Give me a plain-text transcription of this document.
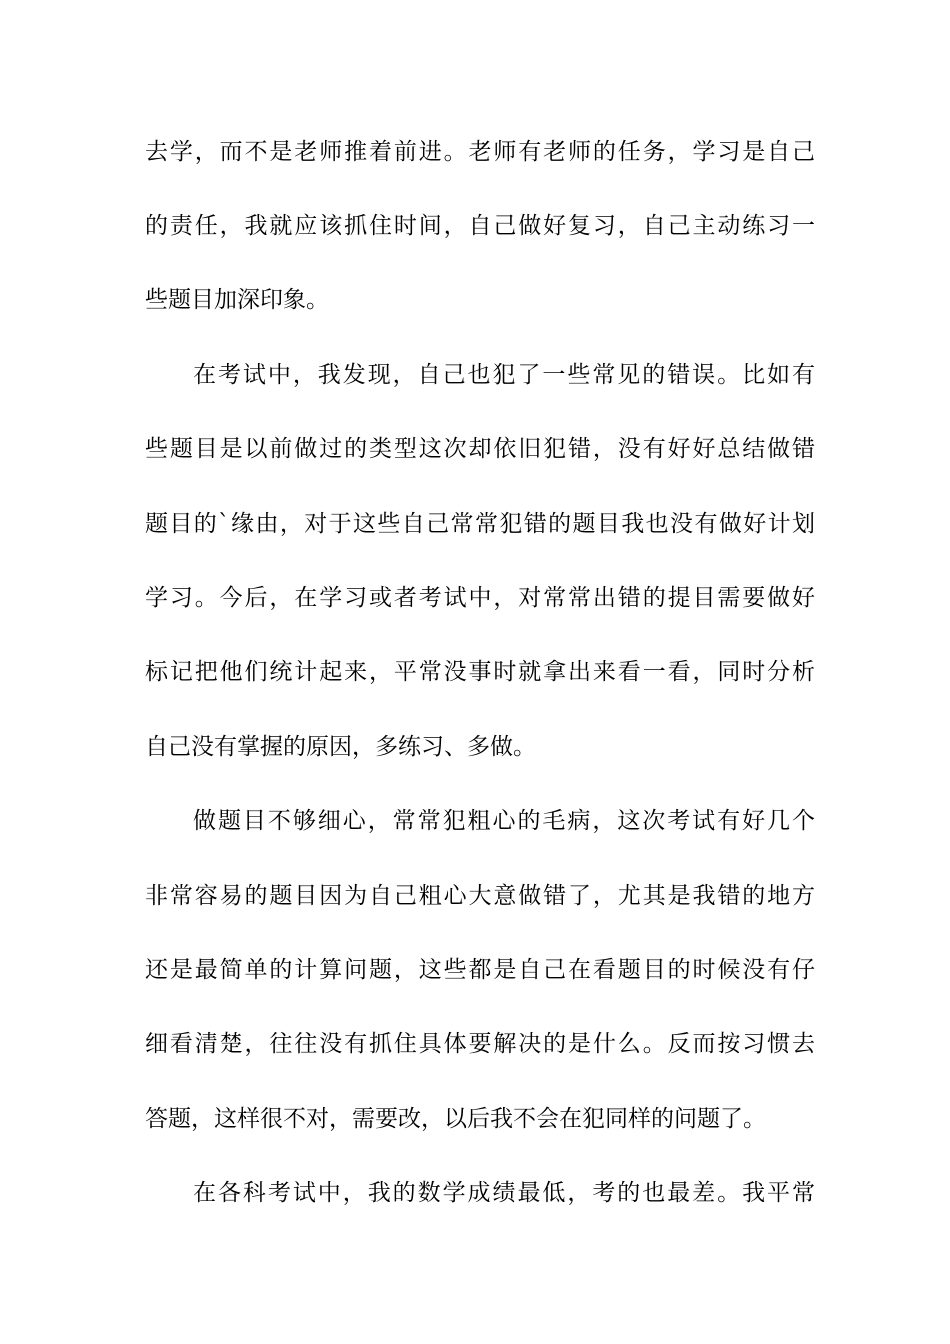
去学，而不是老师推着前进。老师有老师的任务，学习是自己
的责任，我就应该抓住时间，自己做好复习，自己主动练习一
些题目加深印象。
在考试中，我发现，自己也犯了一些常见的错误。比如有
些题目是以前做过的类型这次却依旧犯错，没有好好总结做错
题目的`缘由，对于这些自己常常犯错的题目我也没有做好计划
学习。今后，在学习或者考试中，对常常出错的提目需要做好
标记把他们统计起来，平常没事时就拿出来看一看，同时分析
自己没有掌握的原因，多练习、多做。
做题目不够细心，常常犯粗心的毛病，这次考试有好几个
非常容易的题目因为自己粗心大意做错了，尤其是我错的地方
还是最简单的计算问题，这些都是自己在看题目的时候没有仔
细看清楚，往往没有抓住具体要解决的是什么。反而按习惯去
答题，这样很不对，需要改，以后我不会在犯同样的问题了。
在各科考试中，我的数学成绩最低，考的也最差。我平常
